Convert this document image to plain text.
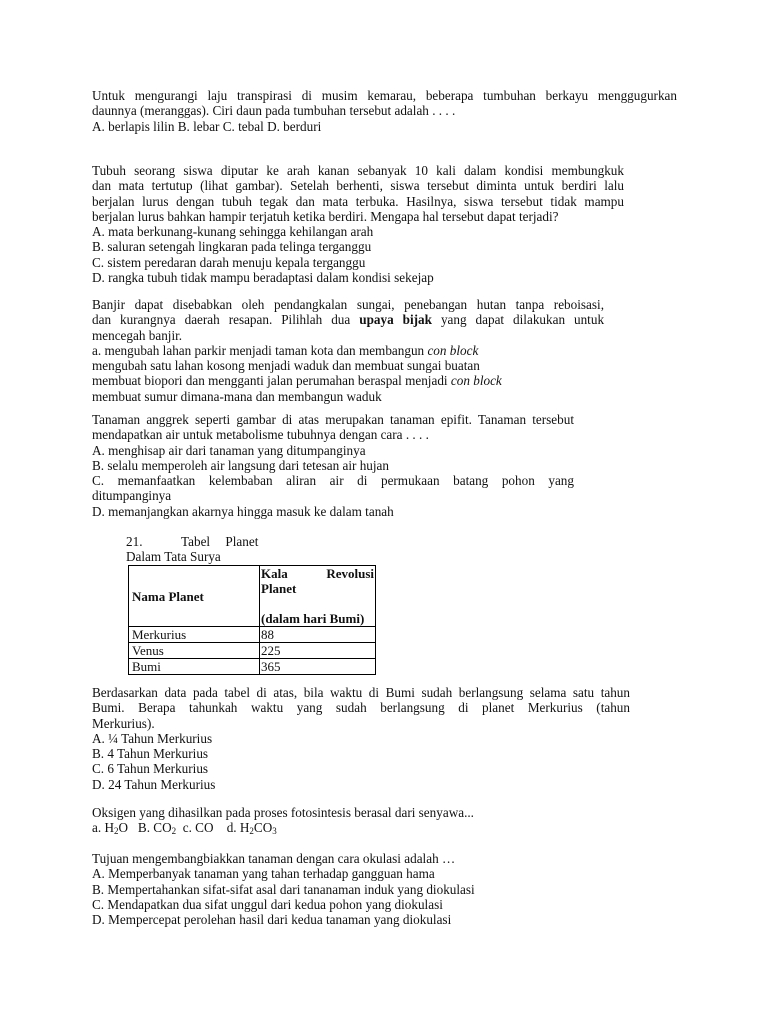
Untuk mengurangi laju transpirasi di musim kemarau, beberapa tumbuhan berkayu menggugurkan
daunnya (meranggas). Ciri daun pada tumbuhan tersebut adalah . . . .
A. berlapis lilin B. lebar C. tebal D. berduri
Tubuh seorang siswa diputar ke arah kanan sebanyak 10 kali dalam kondisi membungkuk
dan mata tertutup (lihat gambar). Setelah berhenti, siswa tersebut diminta untuk berdiri lalu
berjalan lurus dengan tubuh tegak dan mata terbuka. Hasilnya, siswa tersebut tidak mampu
berjalan lurus bahkan hampir terjatuh ketika berdiri. Mengapa hal tersebut dapat terjadi?
A. mata berkunang-kunang sehingga kehilangan arah
B. saluran setengah lingkaran pada telinga terganggu
C. sistem peredaran darah menuju kepala terganggu
D. rangka tubuh tidak mampu beradaptasi dalam kondisi sekejap
Banjir dapat disebabkan oleh pendangkalan sungai, penebangan hutan tanpa reboisasi,
dan kurangnya daerah resapan. Pilihlah dua upaya bijak yang dapat dilakukan untuk
mencegah banjir.
a. mengubah lahan parkir menjadi taman kota dan membangun con block
mengubah satu lahan kosong menjadi waduk dan membuat sungai buatan
membuat biopori dan mengganti jalan perumahan beraspal menjadi con block
membuat sumur dimana-mana dan membangun waduk
Tanaman anggrek seperti gambar di atas merupakan tanaman epifit. Tanaman tersebut
mendapatkan air untuk metabolisme tubuhnya dengan cara . . . .
A. menghisap air dari tanaman yang ditumpanginya
B. selalu memperoleh air langsung dari tetesan air hujan
C. memanfaatkan kelembaban aliran air di permukaan batang pohon yang
ditumpanginya
D. memanjangkan akarnya hingga masuk ke dalam tanah
21.	Tabel Planet
Dalam Tata Surya
Nama Planet	Kala Revolusi
Planet
(dalam hari Bumi)

Merkurius	88
Venus	225
Bumi	365
Berdasarkan data pada tabel di atas, bila waktu di Bumi sudah berlangsung selama satu tahun
Bumi. Berapa tahunkah waktu yang sudah berlangsung di planet Merkurius (tahun
Merkurius).
A. ¼ Tahun Merkurius
B. 4 Tahun Merkurius
C. 6 Tahun Merkurius
D. 24 Tahun Merkurius
Oksigen yang dihasilkan pada proses fotosintesis berasal dari senyawa...
a. $H_2O$ B. $CO_2$ c. CO d. $H_2CO_3$
Tujuan mengembangbiakkan tanaman dengan cara okulasi adalah …
A. Memperbanyak tanaman yang tahan terhadap gangguan hama
B. Mempertahankan sifat-sifat asal dari tananaman induk yang diokulasi
C. Mendapatkan dua sifat unggul dari kedua pohon yang diokulasi
D. Mempercepat perolehan hasil dari kedua tanaman yang diokulasi
